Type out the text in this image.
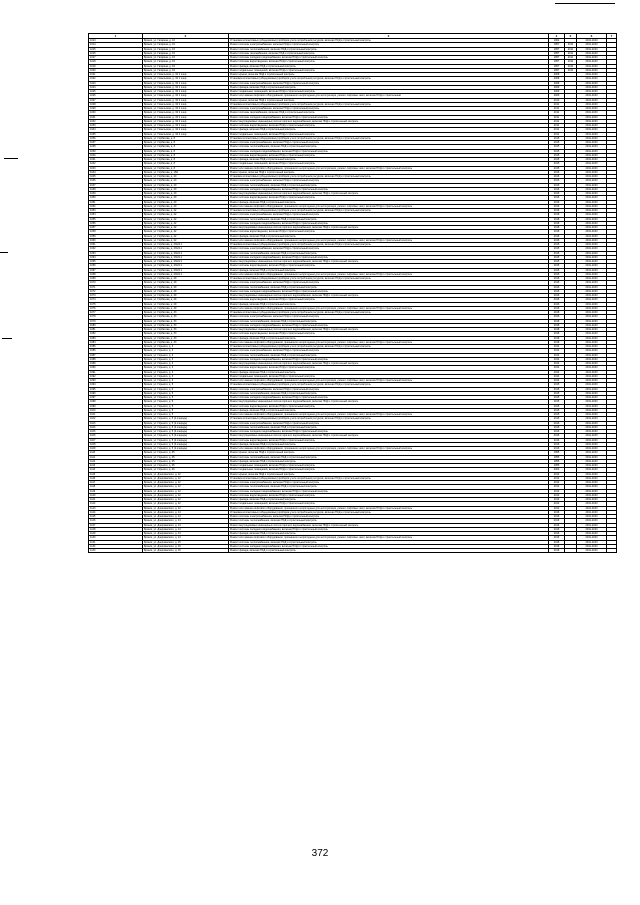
1	2	3	4	5	6	7
1013	Брянск, ул. Гагарина, д. 16	Установка коллективных (общедомовых) приборов учета потребления ресурсов, включая ПСД и строительный контроль	1962		2041-2043	
1014	Брянск, ул. Гагарина, д. 16	Ремонт системы электроснабжения, включая ПСД и строительный контроль	1957	2011	2041-2043	
1015	Брянск, ул. Гагарина, д. 16	Ремонт системы теплоснабжения, включая ПСД и строительный контроль	1957	2011	2041-2043	
1016	Брянск, ул. Гагарина, д. 16	Ремонт системы газоснабжения, включая ПСД и строительный контроль	1957	2011	2041-2043	
1017	Брянск, ул. Гагарина, д. 16	Ремонт системы холодного водоснабжения, включая ПСД и строительный контроль	1957	2011	2041-2043	
1018	Брянск, ул. Гагарина, д. 16	Ремонт системы водоотведения, включая ПСД и строительный контроль	1957	2011	2041-2043	
1019	Брянск, ул. Гагарина, д. 16	Ремонт фасада, включая ПСД и строительный контроль	1957	2011	2041-2043	
1020	Брянск, ул. Гагарина, д. 16	Ремонт подвальных помещений, включая ПСД и строительный контроль	1957	2011	2041-2043	
1021	Брянск, ул. Гомельская, д. 34 1 очер.	Ремонт крыши, включая ПСД и строительный контроль	2008		2041-2043	
1022	Брянск, ул. Гомельская, д. 34 1 очер.	Установка коллективных (общедомовых) приборов учета потребления ресурсов, включая ПСД и строительный контроль	2008		2041-2043	
1023	Брянск, ул. Гомельская, д. 34 1 очер.	Ремонт системы электроснабжения, включая ПСД и строительный контроль	2008		2041-2043	
1024	Брянск, ул. Гомельская, д. 34 1 очер.	Ремонт фасада, включая ПСД и строительный контроль	2009		2041-2043	
1025	Брянск, ул. Гомельская, д. 34 1 очер.	Ремонт подвальных помещений, включая ПСД и строительный контроль	2009		2041-2043	
1026	Брянск, ул. Гомельская, д. 34 1 очер.	Ремонт или замена лифтового оборудования, признанного непригодным для эксплуатации, ремонт лифтовых шахт, включая ПСД и строительный	2009		2041-2043	
1027	Брянск, ул. Гомельская, д. 34 2 очер.	Ремонт крыши, включая ПСД и строительный контроль	2010		2041-2043	
1028	Брянск, ул. Гомельская, д. 34 2 очер.	Установка коллективных (общедомовых) приборов учета потребления ресурсов, включая ПСД и строительный контроль	2011		2041-2043	
1029	Брянск, ул. Гомельская, д. 34 2 очер.	Ремонт системы электроснабжения, включая ПСД и строительный контроль	2011		2041-2043	
1030	Брянск, ул. Гомельская, д. 34 2 очер.	Ремонт системы газоснабжения, включая ПСД и строительный контроль	2011		2041-2043	
1031	Брянск, ул. Гомельская, д. 34 2 очер.	Ремонт системы холодного водоснабжения, включая ПСД и строительный контроль	2011		2041-2043	
1032	Брянск, ул. Гомельская, д. 34 2 очер.	Ремонт внутридомовых инженерных систем горячего водоснабжения, включая ПСД и строительный контроль	2011		2041-2043	
1033	Брянск, ул. Гомельская, д. 34 2 очер.	Ремонт системы водоотведения, включая ПСД и строительный контроль	2011		2041-2043	
1034	Брянск, ул. Гомельская, д. 34 2 очер.	Ремонт фасада, включая ПСД и строительный контроль	2011		2041-2043	
1035	Брянск, ул. Гомельская, д. 34 2 очер.	Ремонт подвальных помещений, включая ПСД и строительный контроль	2011		2041-2043	
1036	Брянск, ул. Горбатова, д. 8	Установка коллективных (общедомовых) приборов учета потребления ресурсов, включая ПСД и строительный контроль	2015		2041-2043	
1037	Брянск, ул. Горбатова, д. 8	Ремонт системы электроснабжения, включая ПСД и строительный контроль	2015		2041-2043	
1038	Брянск, ул. Горбатова, д. 8	Ремонт системы теплоснабжения, включая ПСД и строительный контроль	2015		2041-2043	
1039	Брянск, ул. Горбатова, д. 8	Ремонт системы холодного водоснабжения, включая ПСД и строительный контроль	2015		2041-2043	
1040	Брянск, ул. Горбатова, д. 8	Ремонт системы водоотведения, включая ПСД и строительный контроль	2015		2041-2043	
1041	Брянск, ул. Горбатова, д. 8	Ремонт фасада, включая ПСД и строительный контроль	2015		2041-2043	
1042	Брянск, ул. Горбатова, д. 8	Ремонт подвальных помещений, включая ПСД и строительный контроль	2015		2041-2043	
1043	Брянск, ул. Горбатова, д. 8	Ремонт или замена лифтового оборудования, признанного непригодным для эксплуатации, ремонт лифтовых шахт, включая ПСД и строительный контроль	2015		2041-2043	
1044	Брянск, ул. Горбатова, д. 18А	Ремонт крыши, включая ПСД и строительный контроль	2016		2041-2043	
1045	Брянск, ул. Горбатова, д. 20	Установка коллективных (общедомовых) приборов учета потребления ресурсов, включая ПСД и строительный контроль	2016		2041-2043	
1046	Брянск, ул. Горбатова, д. 20	Ремонт системы электроснабжения, включая ПСД и строительный контроль	2016		2041-2043	
1047	Брянск, ул. Горбатова, д. 20	Ремонт системы теплоснабжения, включая ПСД и строительный контроль	2016		2041-2043	
1048	Брянск, ул. Горбатова, д. 20	Ремонт системы холодного водоснабжения, включая ПСД и строительный контроль	2016		2041-2043	
1049	Брянск, ул. Горбатова, д. 20	Ремонт внутридомовых инженерных систем горячего водоснабжения, включая ПСД и строительный контроль	2016		2041-2043	
1050	Брянск, ул. Горбатова, д. 20	Ремонт системы водоотведения, включая ПСД и строительный контроль	2016		2041-2043	
1051	Брянск, ул. Горбатова, д. 20	Ремонт фасада, включая ПСД и строительный контроль	2016		2041-2043	
1052	Брянск, ул. Горбатова, д. 20	Ремонт или замена лифтового оборудования, признанного непригодным для эксплуатации, ремонт лифтовых шахт, включая ПСД и строительный контроль	2016		2041-2043	
1053	Брянск, ул. Горбатова, д. 22	Установка коллективных (общедомовых) приборов учета потребления ресурсов, включая ПСД и строительный контроль	2018		2041-2043	
1054	Брянск, ул. Горбатова, д. 22	Ремонт системы электроснабжения, включая ПСД и строительный контроль	2018		2041-2043	
1055	Брянск, ул. Горбатова, д. 22	Ремонт системы теплоснабжения, включая ПСД и строительный контроль	2018		2041-2043	
1056	Брянск, ул. Горбатова, д. 22	Ремонт системы холодного водоснабжения, включая ПСД и строительный контроль	2018		2041-2043	
1057	Брянск, ул. Горбатова, д. 22	Ремонт внутридомовых инженерных систем горячего водоснабжения, включая ПСД и строительный контроль	2018		2041-2043	
1058	Брянск, ул. Горбатова, д. 22	Ремонт системы водоотведения, включая ПСД и строительный контроль	2018		2041-2043	
1059	Брянск, ул. Горбатова, д. 22	Ремонт фасада, включая ПСД и строительный контроль	2018		2041-2043	
1060	Брянск, ул. Горбатова, д. 22	Ремонт или замена лифтового оборудования, признанного непригодным для эксплуатации, ремонт лифтовых шахт, включая ПСД и строительный контроль	2018		2041-2043	
1061	Брянск, ул. Горбатова, д. 23/24.1	Установка коллективных (общедомовых) приборов учета потребления ресурсов, включая ПСД и строительный контроль	2015		2041-2043	
1062	Брянск, ул. Горбатова, д. 23/24.1	Ремонт системы электроснабжения, включая ПСД и строительный контроль	2015		2041-2043	
1063	Брянск, ул. Горбатова, д. 23/24.1	Ремонт системы теплоснабжения, включая ПСД и строительный контроль	2015		2041-2043	
1064	Брянск, ул. Горбатова, д. 23/24.1	Ремонт системы холодного водоснабжения, включая ПСД и строительный контроль	2015		2041-2043	
1065	Брянск, ул. Горбатова, д. 23/24.1	Ремонт внутридомовых инженерных систем горячего водоснабжения, включая ПСД и строительный контроль	2015		2041-2043	
1066	Брянск, ул. Горбатова, д. 23/24.1	Ремонт системы водоотведения, включая ПСД и строительный контроль	2015		2041-2043	
1067	Брянск, ул. Горбатова, д. 23/24.1	Ремонт фасада, включая ПСД и строительный контроль	2015		2041-2043	
1068	Брянск, ул. Горбатова, д. 23/24.1	Ремонт или замена лифтового оборудования, признанного непригодным для эксплуатации, ремонт лифтовых шахт, включая ПСД и строительный контроль	2015		2041-2043	
1069	Брянск, ул. Горбатова, д. 29	Установка коллективных (общедомовых) приборов учета потребления ресурсов, включая ПСД и строительный контроль	2016		2041-2043	
1070	Брянск, ул. Горбатова, д. 29	Ремонт системы электроснабжения, включая ПСД и строительный контроль	2016		2041-2043	
1071	Брянск, ул. Горбатова, д. 29	Ремонт системы теплоснабжения, включая ПСД и строительный контроль	2016		2041-2043	
1072	Брянск, ул. Горбатова, д. 29	Ремонт системы холодного водоснабжения, включая ПСД и строительный контроль	2016		2041-2043	
1073	Брянск, ул. Горбатова, д. 29	Ремонт внутридомовых инженерных систем горячего водоснабжения, включая ПСД и строительный контроль	2016		2041-2043	
1074	Брянск, ул. Горбатова, д. 29	Ремонт системы водоотведения, включая ПСД и строительный контроль	2016		2041-2043	
1075	Брянск, ул. Горбатова, д. 29	Ремонт фасада, включая ПСД и строительный контроль	2016		2041-2043	
1076	Брянск, ул. Горбатова, д. 29	Ремонт или замена лифтового оборудования, признанного непригодным для эксплуатации, ремонт лифтовых шахт, включая ПСД и строительный контроль	2016		2041-2043	
1077	Брянск, ул. Горбатова, д. 33	Установка коллективных (общедомовых) приборов учета потребления ресурсов, включая ПСД и строительный контроль	2018		2041-2043	
1078	Брянск, ул. Горбатова, д. 33	Ремонт системы электроснабжения, включая ПСД и строительный контроль	2018		2041-2043	
1079	Брянск, ул. Горбатова, д. 33	Ремонт системы теплоснабжения, включая ПСД и строительный контроль	2018		2041-2043	
1080	Брянск, ул. Горбатова, д. 33	Ремонт системы холодного водоснабжения, включая ПСД и строительный контроль	2018		2041-2043	
1081	Брянск, ул. Горбатова, д. 33	Ремонт внутридомовых инженерных систем горячего водоснабжения, включая ПСД и строительный контроль	2018		2041-2043	
1082	Брянск, ул. Горбатова, д. 33	Ремонт системы водоотведения, включая ПСД и строительный контроль	2018		2041-2043	
1083	Брянск, ул. Горбатова, д. 33	Ремонт фасада, включая ПСД и строительный контроль	2018		2041-2043	
1084	Брянск, ул. Горбатова, д. 33	Ремонт или замена лифтового оборудования, признанного непригодным для эксплуатации, ремонт лифтовых шахт, включая ПСД и строительный контроль	2018		2041-2043	
1085	Брянск, ул. Горького, д. 3	Установка коллективных (общедомовых) приборов учета потребления ресурсов, включая ПСД и строительный контроль	2014		2041-2043	
1086	Брянск, ул. Горького, д. 3	Ремонт системы электроснабжения, включая ПСД и строительный контроль	2014		2041-2043	
1087	Брянск, ул. Горького, д. 3	Ремонт системы теплоснабжения, включая ПСД и строительный контроль	2014		2041-2043	
1088	Брянск, ул. Горького, д. 3	Ремонт системы холодного водоснабжения, включая ПСД и строительный контроль	2014		2041-2043	
1089	Брянск, ул. Горького, д. 3	Ремонт внутридомовых инженерных систем горячего водоснабжения, включая ПСД и строительный контроль	2014		2041-2043	
1090	Брянск, ул. Горького, д. 3	Ремонт системы водоотведения, включая ПСД и строительный контроль	2014		2041-2043	
1091	Брянск, ул. Горького, д. 3	Ремонт фасада, включая ПСД и строительный контроль	2014		2041-2043	
1092	Брянск, ул. Горького, д. 3	Ремонт подвальных помещений, включая ПСД и строительный контроль	2014		2041-2043	
1093	Брянск, ул. Горького, д. 3	Ремонт или замена лифтового оборудования, признанного непригодным для эксплуатации, ремонт лифтовых шахт, включая ПСД и строительный контроль	2014		2041-2043	
1094	Брянск, ул. Горького, д. 5	Установка коллективных (общедомовых) приборов учета потребления ресурсов, включая ПСД и строительный контроль	2015		2041-2043	
1095	Брянск, ул. Горького, д. 5	Ремонт системы электроснабжения, включая ПСД и строительный контроль	2015		2041-2043	
1096	Брянск, ул. Горького, д. 5	Ремонт системы теплоснабжения, включая ПСД и строительный контроль	2015		2041-2043	
1097	Брянск, ул. Горького, д. 5	Ремонт системы холодного водоснабжения, включая ПСД и строительный контроль	2015		2041-2043	
1098	Брянск, ул. Горького, д. 5	Ремонт внутридомовых инженерных систем горячего водоснабжения, включая ПСД и строительный контроль	2015		2041-2043	
1099	Брянск, ул. Горького, д. 5	Ремонт системы водоотведения, включая ПСД и строительный контроль	2015		2041-2043	
1100	Брянск, ул. Горького, д. 5	Ремонт фасада, включая ПСД и строительный контроль	2015		2041-2043	
1101	Брянск, ул. Горького, д. 5	Ремонт или замена лифтового оборудования, признанного непригодным для эксплуатации, ремонт лифтовых шахт, включая ПСД и строительный контроль	2015		2041-2043	
1102	Брянск, ул. Горького, д. 5 (2 очередь)	Установка коллективных (общедомовых) приборов учета потребления ресурсов, включая ПСД и строительный контроль	2016		2041-2043	
1103	Брянск, ул. Горького, д. 5 (2 очередь)	Ремонт системы электроснабжения, включая ПСД и строительный контроль	2016		2041-2043	
1104	Брянск, ул. Горького, д. 5 (2 очередь)	Ремонт системы теплоснабжения, включая ПСД и строительный контроль	2016		2041-2043	
1105	Брянск, ул. Горького, д. 5 (2 очередь)	Ремонт системы холодного водоснабжения, включая ПСД и строительный контроль	2016		2041-2043	
1106	Брянск, ул. Горького, д. 5 (2 очередь)	Ремонт внутридомовых инженерных систем горячего водоснабжения, включая ПСД и строительный контроль	2016		2041-2043	
1107	Брянск, ул. Горького, д. 5 (2 очередь)	Ремонт системы водоотведения, включая ПСД и строительный контроль	2016		2041-2043	
1108	Брянск, ул. Горького, д. 5 (2 очередь)	Ремонт фасада, включая ПСД и строительный контроль	2016		2041-2043	
1109	Брянск, ул. Горького, д. 5 (2 очередь)	Ремонт или замена лифтового оборудования, признанного непригодным для эксплуатации, ремонт лифтовых шахт, включая ПСД и строительный контроль	2016		2041-2043	
1110	Брянск, ул. Горького, д. 25	Ремонт крыши, включая ПСД и строительный контроль	1955		2041-2043	
1111	Брянск, ул. Горького, д. 25	Ремонт системы теплоснабжения, включая ПСД и строительный контроль	1955		2041-2043	
1112	Брянск, ул. Горького, д. 25	Ремонт фасада, включая ПСД и строительный контроль	1955		2041-2043	
1113	Брянск, ул. Горького, д. 25	Ремонт подвальных помещений, включая ПСД и строительный контроль	1955		2041-2043	
1114	Брянск, ул. Горького, д. 40	Ремонт подвальных помещений, включая ПСД и строительный контроль	2002		2041-2043	
1115	Брянск, ул. Дзержинского, д. 12	Ремонт крыши, включая ПСД и строительный контроль	2012		2041-2043	
1116	Брянск, ул. Дзержинского, д. 12	Установка коллективных (общедомовых) приборов учета потребления ресурсов, включая ПСД и строительный контроль	2012		2041-2043	
1117	Брянск, ул. Дзержинского, д. 12	Ремонт системы электроснабжения, включая ПСД и строительный контроль	2012		2041-2043	
1118	Брянск, ул. Дзержинского, д. 12	Ремонт системы теплоснабжения, включая ПСД и строительный контроль	2012		2041-2043	
1119	Брянск, ул. Дзержинского, д. 12	Ремонт системы холодного водоснабжения, включая ПСД и строительный контроль	2012		2041-2043	
1120	Брянск, ул. Дзержинского, д. 12	Ремонт системы водоотведения, включая ПСД и строительный контроль	2012		2041-2043	
1121	Брянск, ул. Дзержинского, д. 12	Ремонт фасада, включая ПСД и строительный контроль	2012		2041-2043	
1122	Брянск, ул. Дзержинского, д. 12	Ремонт подвальных помещений, включая ПСД и строительный контроль	2012		2041-2043	
1123	Брянск, ул. Дзержинского, д. 12	Ремонт или замена лифтового оборудования, признанного непригодным для эксплуатации, ремонт лифтовых шахт, включая ПСД и строительный контроль	2012		2041-2043	
1124	Брянск, ул. Дзержинского, д. 14	Установка коллективных (общедомовых) приборов учета потребления ресурсов, включая ПСД и строительный контроль	2016		2041-2043	
1125	Брянск, ул. Дзержинского, д. 14	Ремонт системы электроснабжения, включая ПСД и строительный контроль	2016		2041-2043	
1126	Брянск, ул. Дзержинского, д. 14	Ремонт системы теплоснабжения, включая ПСД и строительный контроль	2016		2041-2043	
1127	Брянск, ул. Дзержинского, д. 14	Ремонт внутридомовых инженерных систем горячего водоснабжения, включая ПСД и строительный контроль	2016		2041-2043	
1128	Брянск, ул. Дзержинского, д. 14	Ремонт системы холодного водоснабжения, включая ПСД и строительный контроль	2016		2041-2043	
1129	Брянск, ул. Дзержинского, д. 14	Ремонт фасада, включая ПСД и строительный контроль	2016		2041-2043	
1130	Брянск, ул. Дзержинского, д. 14	Ремонт или замена лифтового оборудования, признанного непригодным для эксплуатации, ремонт лифтовых шахт, включая ПСД и строительный контроль	2016		2041-2043	
1131	Брянск, ул. Дзержинского, д. 16	Ремонт системы теплоснабжения, включая ПСД и строительный контроль	2018		2041-2043	
1132	Брянск, ул. Дзержинского, д. 16	Ремонт системы холодного водоснабжения, включая ПСД и строительный контроль	2018		2041-2043	
1133	Брянск, ул. Дзержинского, д. 16	Ремонт фасада, включая ПСД и строительный контроль	2018		2041-2043	
372
